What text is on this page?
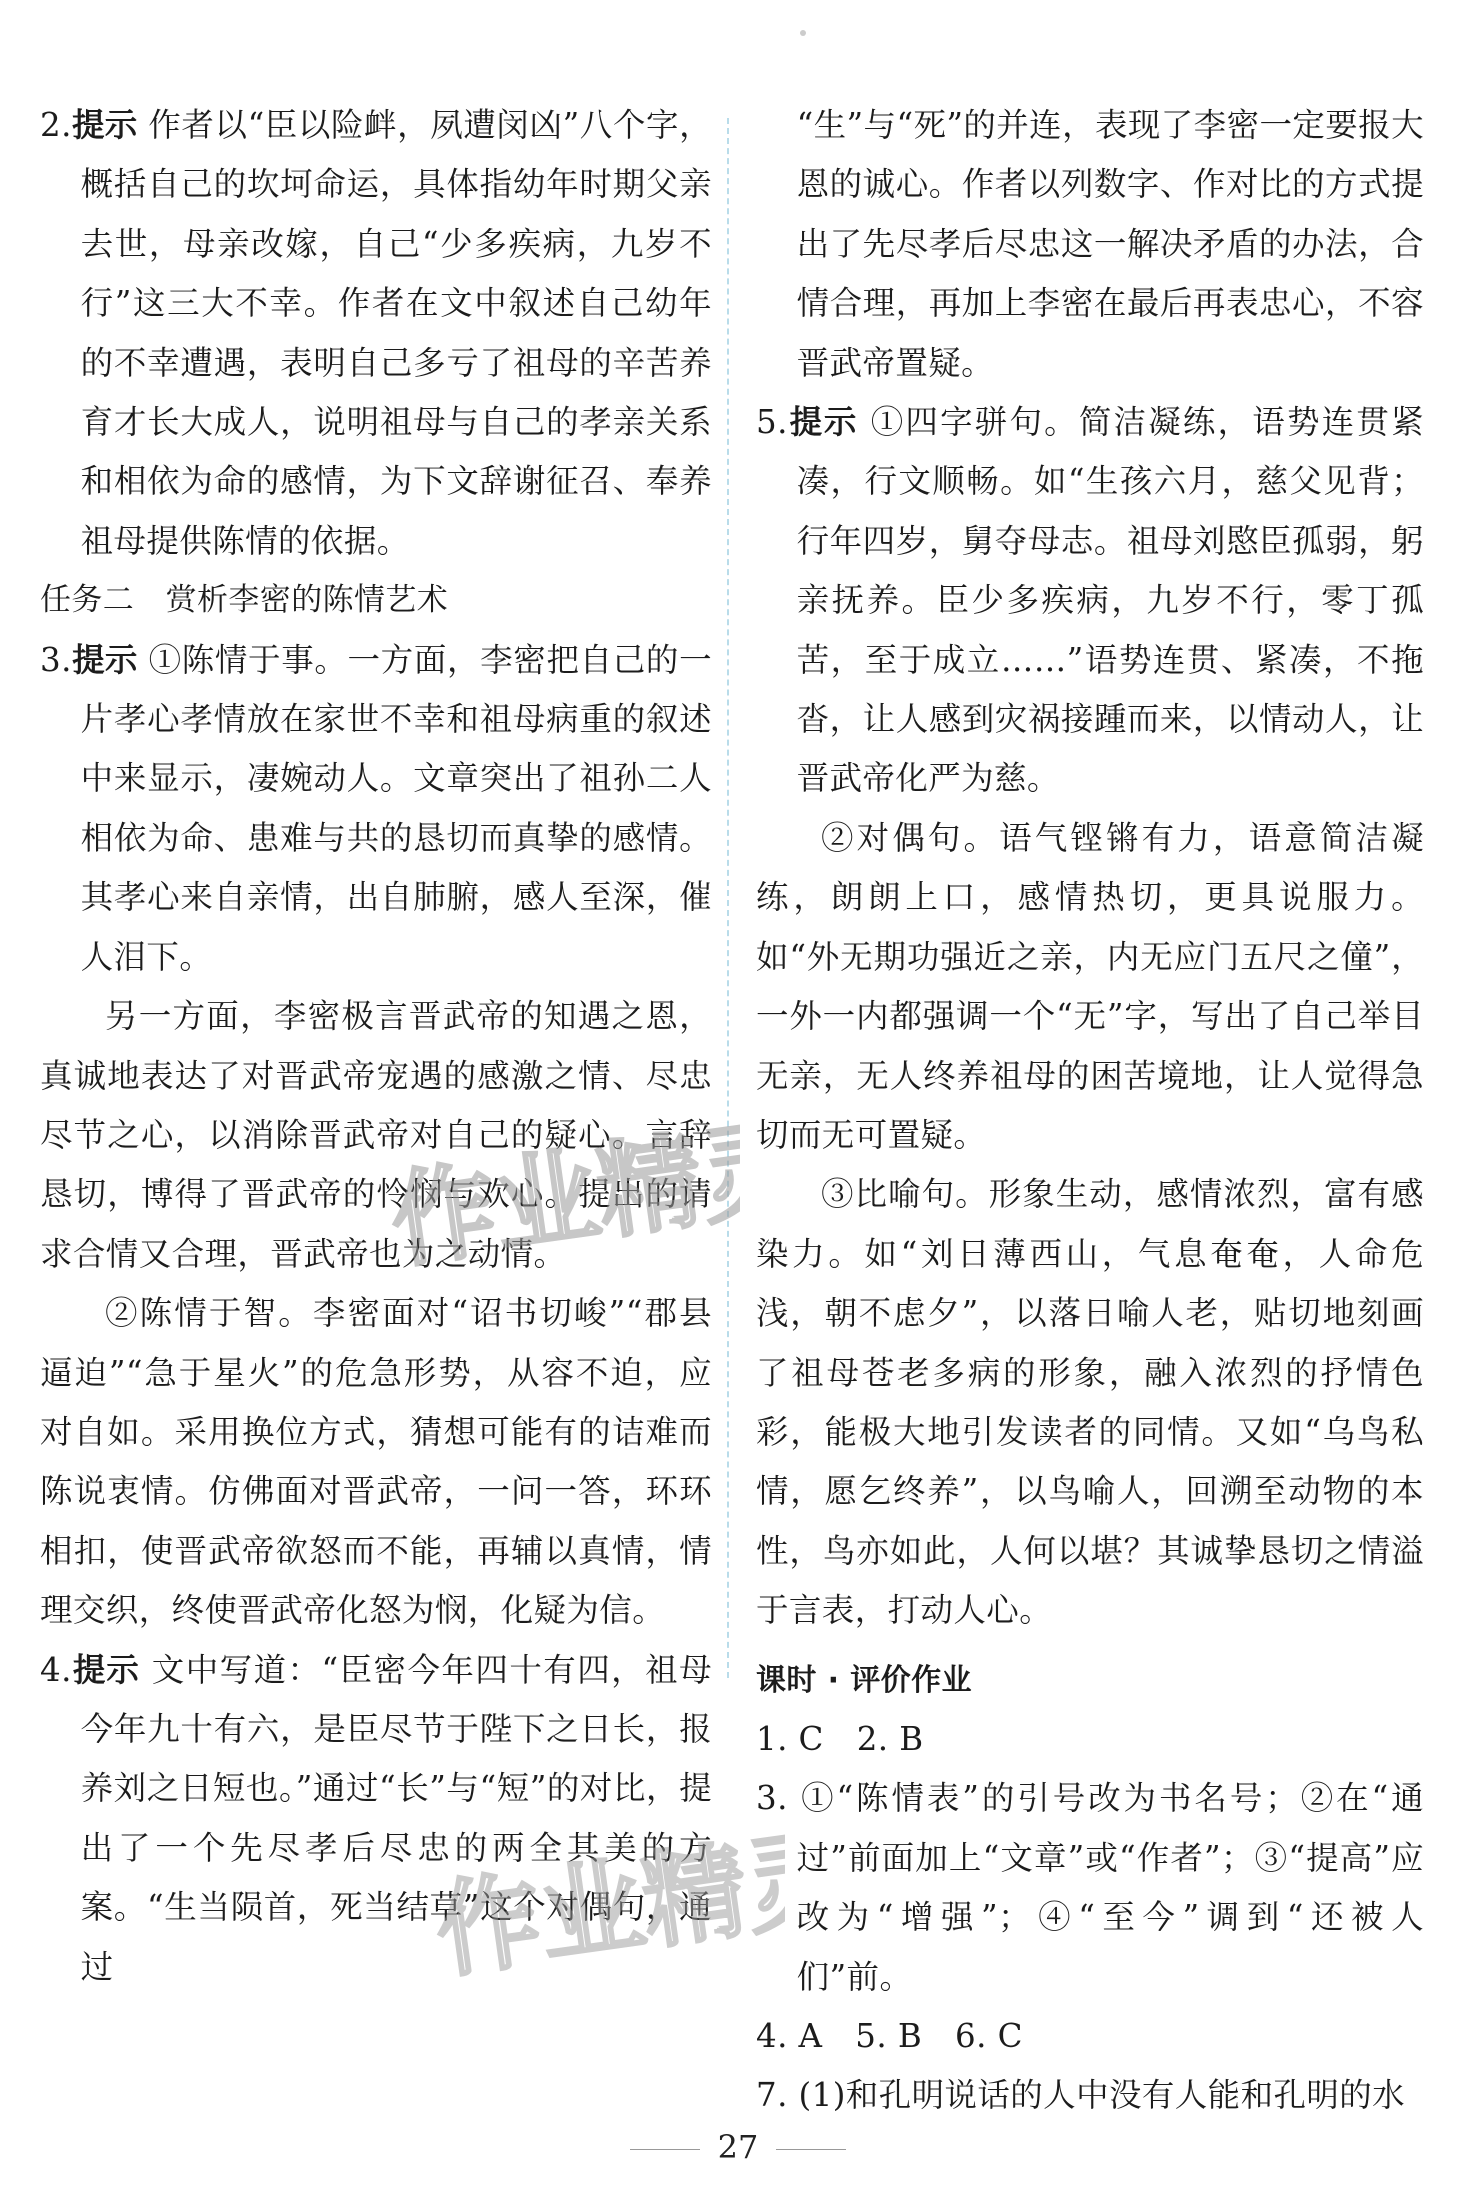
2.提示 作者以“臣以险衅，夙遭闵凶”八个字，概括自己的坎坷命运，具体指幼年时期父亲去世，母亲改嫁，自己“少多疾病，九岁不行”这三大不幸。作者在文中叙述自己幼年的不幸遭遇，表明自己多亏了祖母的辛苦养育才长大成人，说明祖母与自己的孝亲关系和相依为命的感情，为下文辞谢征召、奉养祖母提供陈情的依据。

任务二　赏析李密的陈情艺术

3.提示 ①陈情于事。一方面，李密把自己的一片孝心孝情放在家世不幸和祖母病重的叙述中来显示，凄婉动人。文章突出了祖孙二人相依为命、患难与共的恳切而真挚的感情。其孝心来自亲情，出自肺腑，感人至深，催人泪下。

另一方面，李密极言晋武帝的知遇之恩，真诚地表达了对晋武帝宠遇的感激之情、尽忠尽节之心，以消除晋武帝对自己的疑心。言辞恳切，博得了晋武帝的怜悯与欢心。提出的请求合情又合理，晋武帝也为之动情。

②陈情于智。李密面对“诏书切峻”“郡县逼迫”“急于星火”的危急形势，从容不迫，应对自如。采用换位方式，猜想可能有的诘难而陈说衷情。仿佛面对晋武帝，一问一答，环环相扣，使晋武帝欲怒而不能，再辅以真情，情理交织，终使晋武帝化怒为悯，化疑为信。

4.提示 文中写道：“臣密今年四十有四，祖母今年九十有六，是臣尽节于陛下之日长，报养刘之日短也。”通过“长”与“短”的对比，提出了一个先尽孝后尽忠的两全其美的方案。“生当陨首，死当结草”这个对偶句，通过

“生”与“死”的并连，表现了李密一定要报大恩的诚心。作者以列数字、作对比的方式提出了先尽孝后尽忠这一解决矛盾的办法，合情合理，再加上李密在最后再表忠心，不容晋武帝置疑。

5.提示 ①四字骈句。简洁凝练，语势连贯紧凑，行文顺畅。如“生孩六月，慈父见背；行年四岁，舅夺母志。祖母刘愍臣孤弱，躬亲抚养。臣少多疾病，九岁不行，零丁孤苦，至于成立……”语势连贯、紧凑，不拖沓，让人感到灾祸接踵而来，以情动人，让晋武帝化严为慈。

②对偶句。语气铿锵有力，语意简洁凝练，朗朗上口，感情热切，更具说服力。如“外无期功强近之亲，内无应门五尺之僮”，一外一内都强调一个“无”字，写出了自己举目无亲，无人终养祖母的困苦境地，让人觉得急切而无可置疑。

③比喻句。形象生动，感情浓烈，富有感染力。如“刘日薄西山，气息奄奄，人命危浅，朝不虑夕”，以落日喻人老，贴切地刻画了祖母苍老多病的形象，融入浓烈的抒情色彩，能极大地引发读者的同情。又如“乌鸟私情，愿乞终养”，以鸟喻人，回溯至动物的本性，鸟亦如此，人何以堪？其诚挚恳切之情溢于言表，打动人心。

课时 · 评价作业

1. C　2. B

3. ①“陈情表”的引号改为书名号；②在“通过”前面加上“文章”或“作者”；③“提高”应改为“增强”；④“至今”调到“还被人们”前。

4. A　5. B　6. C

7. (1)和孔明说话的人中没有人能和孔明的水

作业精灵
作业精灵
27
